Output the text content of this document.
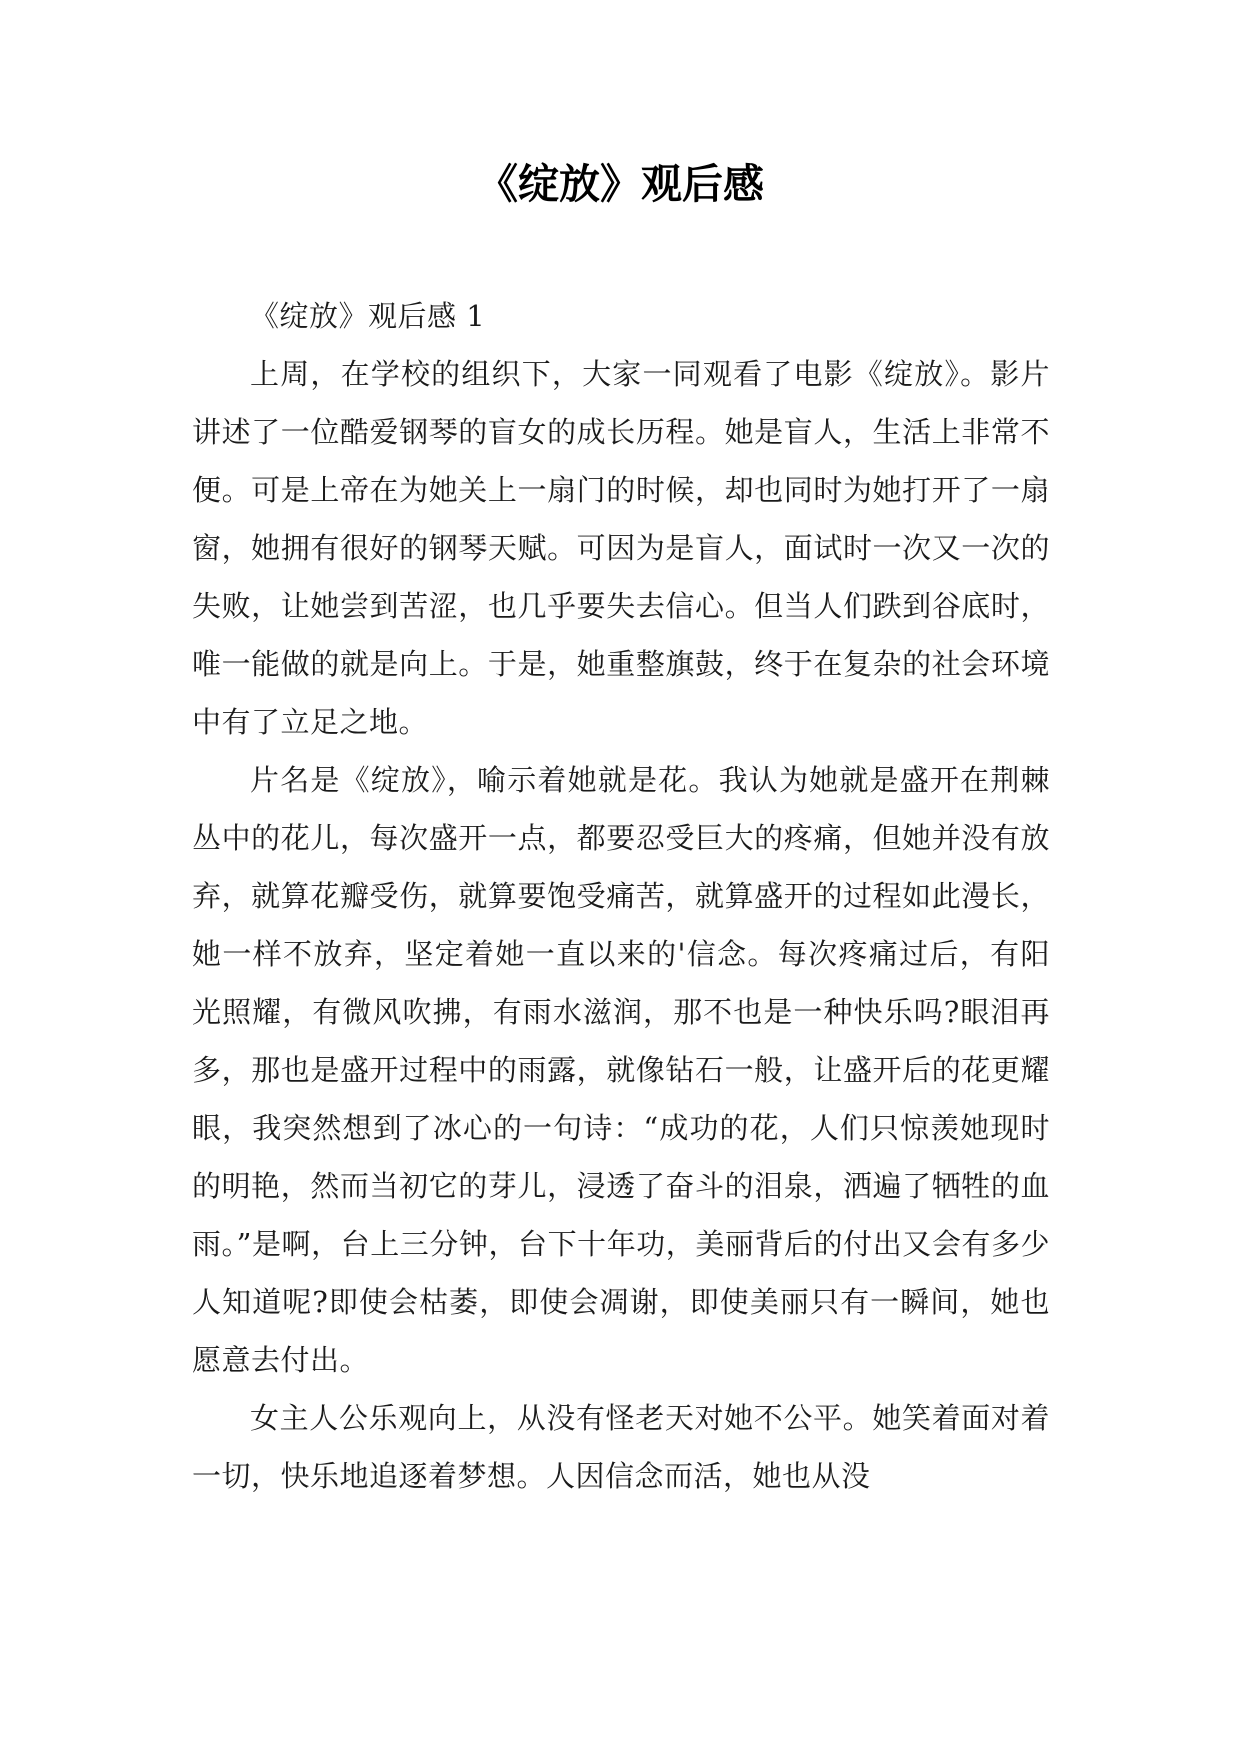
《绽放》观后感

《绽放》观后感 1

上周，在学校的组织下，大家一同观看了电影《绽放》。影片讲述了一位酷爱钢琴的盲女的成长历程。她是盲人，生活上非常不便。可是上帝在为她关上一扇门的时候，却也同时为她打开了一扇窗，她拥有很好的钢琴天赋。可因为是盲人，面试时一次又一次的失败，让她尝到苦涩，也几乎要失去信心。但当人们跌到谷底时，唯一能做的就是向上。于是，她重整旗鼓，终于在复杂的社会环境中有了立足之地。

片名是《绽放》，喻示着她就是花。我认为她就是盛开在荆棘丛中的花儿，每次盛开一点，都要忍受巨大的疼痛，但她并没有放弃，就算花瓣受伤，就算要饱受痛苦，就算盛开的过程如此漫长，她一样不放弃，坚定着她一直以来的'信念。每次疼痛过后，有阳光照耀，有微风吹拂，有雨水滋润，那不也是一种快乐吗?眼泪再多，那也是盛开过程中的雨露，就像钻石一般，让盛开后的花更耀眼，我突然想到了冰心的一句诗：“成功的花，人们只惊羡她现时的明艳，然而当初它的芽儿，浸透了奋斗的泪泉，洒遍了牺牲的血雨。”是啊，台上三分钟，台下十年功，美丽背后的付出又会有多少人知道呢?即使会枯萎，即使会凋谢，即使美丽只有一瞬间，她也愿意去付出。

女主人公乐观向上，从没有怪老天对她不公平。她笑着面对着一切，快乐地追逐着梦想。人因信念而活，她也从没
